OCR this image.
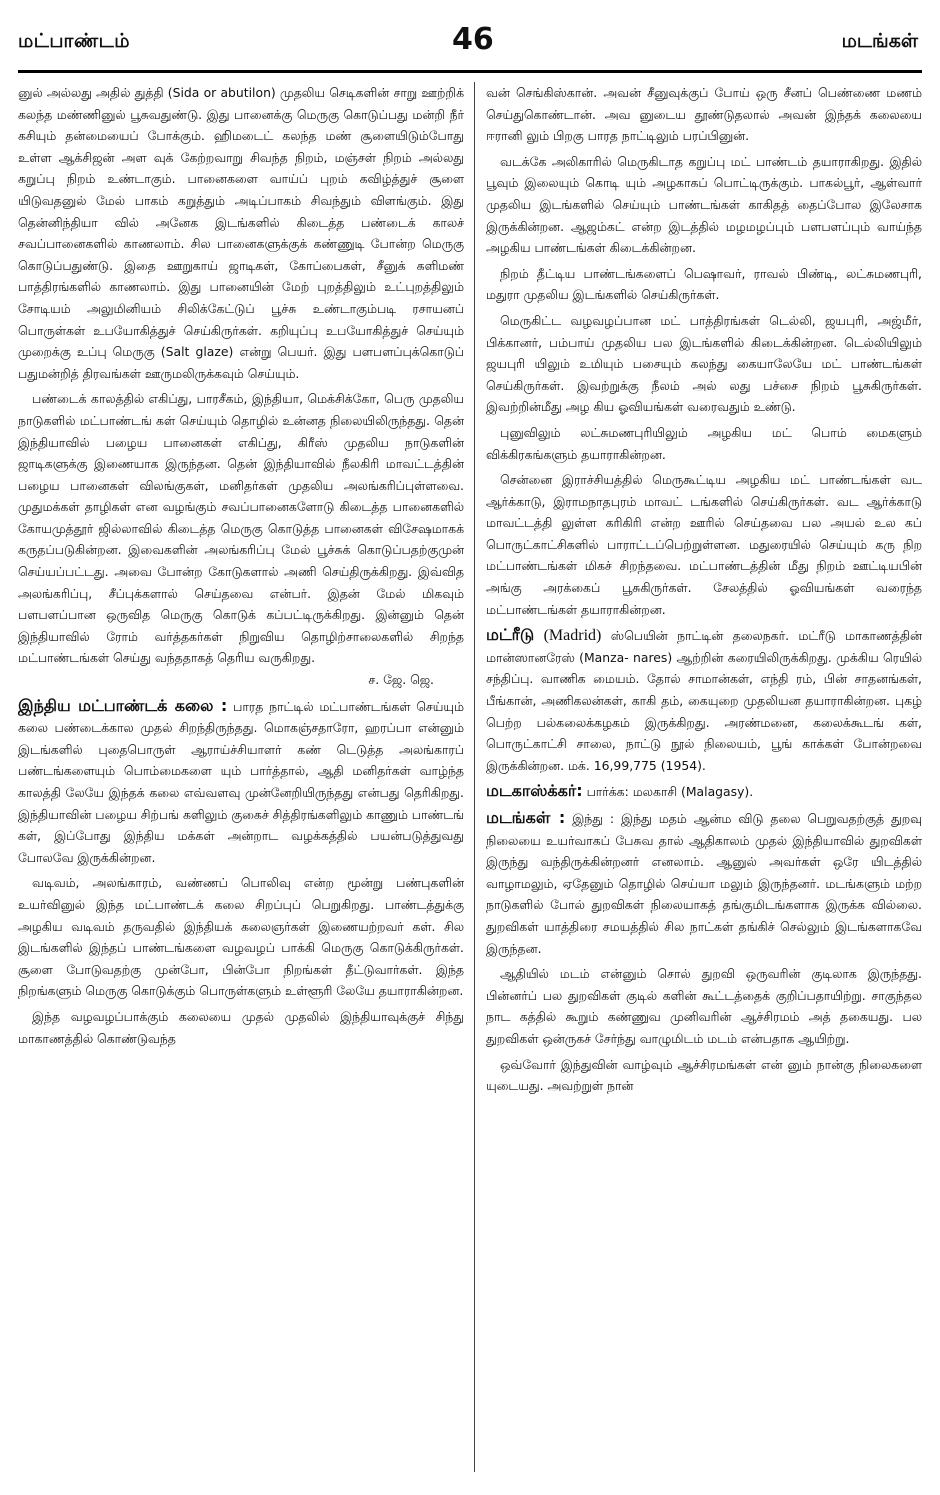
மட்பாண்டம்	46	மடங்கள்

னுல் அல்லது அதில் துத்தி (Sida or abutilon) முதலிய செடிகளின் சாறு ஊற்றிக் கலந்த மண்ணினுல் பூசுவதுண்டு. இது பானைக்கு மெருகு கொடுப்பது மன்றி நீர் கசியும் தன்மையைப் போக்கும். ஹிமடைட் கலந்த மண் சூளையிடும்போது உள்ள ஆக்சிஜன் அள வுக் கேற்றவாறு சிவந்த நிறம், மஞ்சள் நிறம் அல்லது கறுப்பு நிறம் உண்டாகும். பானைகளை வாய்ப் புறம் கவிழ்த்துச் சூளை யிடுவதனுல் மேல் பாகம் கறுத்தும் அடிப்பாகம் சிவந்தும் விளங்கும். இது தென்னிந்தியா வில் அனேக இடங்களில் கிடைத்த பண்டைக் காலச் சவப்பானைகளில் காணலாம். சில பானைகளுக்குக் கண்ணுடி போன்ற மெருகு கொடுப்பதுண்டு. இதை ஊறுகாய் ஜாடிகள், கோப்பைகள், சீனுக் களிமண் பாத்திரங்களில் காணலாம். இது பானையின் மேற் புறத்திலும் உட்புறத்திலும் சோடியம் அலுமினியம் சிலிக்கேட்டுப் பூச்சு உண்டாகும்படி ரசாயனப் பொருள்கள் உபயோகித்துச் செய்கிருர்கள். கறியுப்பு உபயோகித்துச் செய்யும் முறைக்கு உப்பு மெருகு (Salt glaze) என்று பெயர். இது பளபளப்புக்கொடுப் பதுமன்றித் திரவங்கள் ஊருமலிருக்கவும் செய்யும்.

பண்டைக் காலத்தில் எகிப்து, பாரசீகம், இந்தியா, மெக்சிக்கோ, பெரு முதலிய நாடுகளில் மட்பாண்டங் கள் செய்யும் தொழில் உன்னத நிலையிலிருந்தது. தென் இந்தியாவில் பழைய பானைகள் எகிப்து, கிரீஸ் முதலிய நாடுகளின் ஜாடிகளுக்கு இணையாக இருந்தன. தென் இந்தியாவில் நீலகிரி மாவட்டத்தின் பழைய பானைகள் விலங்குகள், மனிதர்கள் முதலிய அலங்கரிப்புள்ளவை. முதுமக்கள் தாழிகள் என வழங்கும் சவப்பானைகளோடு கிடைத்த பானைகளில் கோயமுத்தூர் ஜில்லாவில் கிடைத்த மெருகு கொடுத்த பானைகள் விசேஷமாகக் கருதப்படுகின்றன. இவைகளின் அலங்கரிப்பு மேல் பூச்சுக் கொடுப்பதற்குமுன் செய்யப்பட்டது. அவை போன்ற கோடுகளால் அணி செய்திருக்கிறது. இவ்வித அலங்கரிப்பு, சீப்புக்களால் செய்தவை என்பர். இதன் மேல் மிகவும் பளபளப்பான ஒருவித மெருகு கொடுக் கப்பட்டிருக்கிறது. இன்னும் தென் இந்தியாவில் ரோம் வர்த்தகர்கள் நிறுவிய தொழிற்சாலைகளில் சிறந்த மட்பாண்டங்கள் செய்து வந்ததாகத் தெரிய வருகிறது.
ச. ஜே. ஜெ.

இந்திய மட்பாண்டக் கலை : பாரத நாட்டில் மட்பாண்டங்கள் செய்யும் கலை பண்டைக்கால முதல் சிறந்திருந்தது. மொகஞ்சதாரோ, ஹரப்பா என்னும் இடங்களில் புதைபொருள் ஆராய்ச்சியாளர் கண் டெடுத்த அலங்காரப் பண்டங்களையும் பொம்மைகளை யும் பார்த்தால், ஆதி மனிதர்கள் வாழ்ந்த காலத்தி லேயே இந்தக் கலை எவ்வளவு முன்னேறியிருந்தது என்பது தெரிகிறது. இந்தியாவின் பழைய சிற்பங் களிலும் குகைச் சித்திரங்களிலும் காணும் பாண்டங் கள், இப்போது இந்திய மக்கள் அன்றாட வழக்கத்தில் பயன்படுத்துவது போலவே இருக்கின்றன.

வடிவம், அலங்காரம், வண்ணப் பொலிவு என்ற மூன்று பண்புகளின் உயர்வினுல் இந்த மட்பாண்டக் கலை சிறப்புப் பெறுகிறது. பாண்டத்துக்கு அழகிய வடிவம் தருவதில் இந்தியக் கலைஞர்கள் இணையற்றவர் கள். சில இடங்களில் இந்தப் பாண்டங்களை வழவழப் பாக்கி மெருகு கொடுக்கிருர்கள். சூளை போடுவதற்கு முன்போ, பின்போ நிறங்கள் தீட்டுவார்கள். இந்த நிறங்களும் மெருகு கொடுக்கும் பொருள்களும் உள்ளூரி லேயே தயாராகின்றன.

இந்த வழவழப்பாக்கும் கலையை முதல் முதலில் இந்தியாவுக்குச் சிந்து மாகாணத்தில் கொண்டுவந்த

வன் செங்கிஸ்கான். அவன் சீனுவுக்குப் போய் ஒரு சீனப் பெண்ணை மணம் செய்துகொண்டான். அவ னுடைய தூண்டுதலால் அவன் இந்தக் கலையை ஈரானி லும் பிறகு பாரத நாட்டிலும் பரப்பினுன்.

வடக்கே அலிகாரில் மெருகிடாத கறுப்பு மட் பாண்டம் தயாராகிறது. இதில் பூவும் இலையும் கொடி யும் அழகாகப் பொட்டிருக்கும். பாகல்பூர், ஆள்வார் முதலிய இடங்களில் செய்யும் பாண்டங்கள் காகிதத் தைப்போல இலேசாக இருக்கின்றன. ஆஜம்கட் என்ற இடத்தில் மழமழப்பும் பளபளப்பும் வாய்ந்த அழகிய பாண்டங்கள் கிடைக்கின்றன.

நிறம் தீட்டிய பாண்டங்களைப் பெஷாவர், ராவல் பிண்டி, லட்சுமணபுரி, மதுரா முதலிய இடங்களில் செய்கிருர்கள்.

மெருகிட்ட வழவழப்பான மட் பாத்திரங்கள் டெல்லி, ஜயபுரி, அஜ்மீர், பிக்கானர், பம்பாய் முதலிய பல இடங்களில் கிடைக்கின்றன. டெல்லியிலும் ஜயபுரி யிலும் உமியும் பசையும் கலந்து கையாலேயே மட் பாண்டங்கள் செய்கிருர்கள். இவற்றுக்கு நீலம் அல் லது பச்சை நிறம் பூசுகிருர்கள். இவற்றின்மீது அழ கிய ஓவியங்கள் வரைவதும் உண்டு.

புனுவிலும் லட்சுமணபுரியிலும் அழகிய மட் பொம் மைகளும் விக்கிரகங்களும் தயாராகின்றன.

சென்னை இராச்சியத்தில் மெருகூட்டிய அழகிய மட் பாண்டங்கள் வட ஆர்க்காடு, இராமநாதபுரம் மாவட் டங்களில் செய்கிருர்கள். வட ஆர்க்காடு மாவட்டத்தி லுள்ள கரிகிரி என்ற ஊரில் செய்தவை பல அயல் உல கப் பொருட்காட்சிகளில் பாராட்டப்பெற்றுள்ளன. மதுரையில் செய்யும் கரு நிற மட்பாண்டங்கள் மிகச் சிறந்தவை. மட்பாண்டத்தின் மீது நிறம் ஊட்டியபின் அங்கு அரக்கைப் பூசுகிருர்கள். சேலத்தில் ஓவியங்கள் வரைந்த மட்பாண்டங்கள் தயாராகின்றன.

மட்ரீடு (Madrid) ஸ்பெயின் நாட்டின் தலைநகர். மட்ரீடு மாகாணத்தின் மான்ஸானரேஸ் (Manza- nares) ஆற்றின் கரையிலிருக்கிறது. முக்கிய ரெயில் சந்திப்பு. வாணிக மையம். தோல் சாமான்கள், எந்தி ரம், பின் சாதனங்கள், பீங்கான், அணிகலன்கள், காகி தம், கையுறை முதலியன தயாராகின்றன. புகழ் பெற்ற பல்கலைக்கழகம் இருக்கிறது. அரண்மனை, கலைக்கூடங் கள், பொருட்காட்சி சாலை, நாட்டு நூல் நிலையம், பூங் காக்கள் போன்றவை இருக்கின்றன. மக். 16,99,775 (1954).

மடகாஸ்க்கர்: பார்க்க: மலகாசி (Malagasy).

மடங்கள் : இந்து : இந்து மதம் ஆன்ம விடு தலை பெறுவதற்குத் துறவு நிலையை உயர்வாகப் பேசுவ தால் ஆதிகாலம் முதல் இந்தியாவில் துறவிகள் இருந்து வந்திருக்கின்றனர் எனலாம். ஆனுல் அவர்கள் ஒரே யிடத்தில் வாழாமலும், ஏதேனும் தொழில் செய்யா மலும் இருந்தனர். மடங்களும் மற்ற நாடுகளில் போல் துறவிகள் நிலையாகத் தங்குமிடங்களாக இருக்க வில்லை. துறவிகள் யாத்திரை சமயத்தில் சில நாட்கள் தங்கிச் செல்லும் இடங்களாகவே இருந்தன.

ஆதியில் மடம் என்னும் சொல் துறவி ஒருவரின் குடிலாக இருந்தது. பின்னர்ப் பல துறவிகள் குடில் களின் கூட்டத்தைக் குறிப்பதாயிற்று. சாகுந்தல நாட கத்தில் கூறும் கண்ணுவ முனிவரின் ஆச்சிரமம் அத் தகையது. பல துறவிகள் ஒன்ருகச் சேர்ந்து வாழுமிடம் மடம் என்பதாக ஆயிற்று.

ஒவ்வோர் இந்துவின் வாழ்வும் ஆச்சிரமங்கள் என் னும் நான்கு நிலைகளை யுடையது. அவற்றுள் நான்
